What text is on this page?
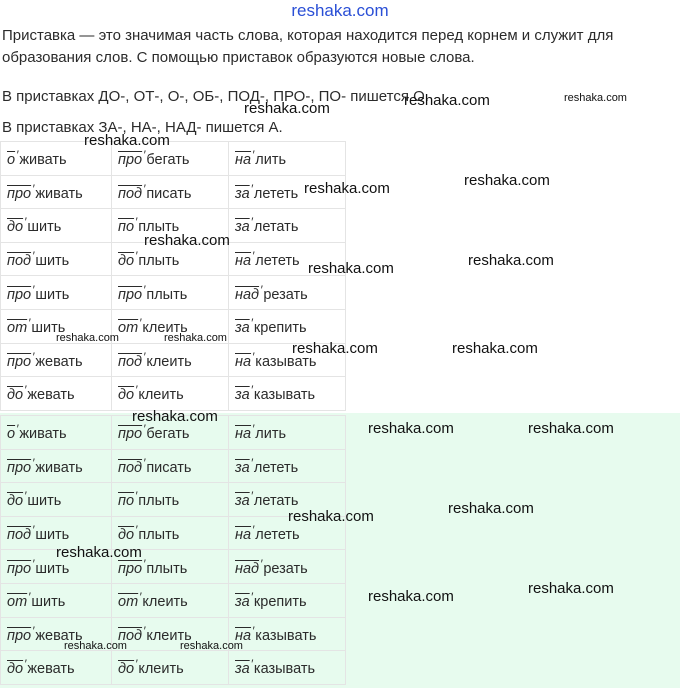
reshaka.com
Приставка — это значимая часть слова, которая находится перед корнем и служит для
образования слов. С помощью приставок образуются новые слова.
В приставках ДО-, ОТ-, О-, ОБ-, ПОД-, ПРО-, ПО- пишется О.
В приставках ЗА-, НА-, НАД- пишется А.
о′живать	про′бегать	на′лить
про′живать	под′писать	за′лететь
до′шить	по′плыть	за′летать
под′шить	до′плыть	на′лететь
про′шить	про′плыть	над′резать
от′шить	от′клеить	за′крепить
про′жевать	под′клеить	на′казывать
до′жевать	до′клеить	за′казывать
о′живать	про′бегать	на′лить
про′живать	под′писать	за′лететь
до′шить	по′плыть	за′летать
под′шить	до′плыть	на′лететь
про′шить	про′плыть	над′резать
от′шить	от′клеить	за′крепить
про′жевать	под′клеить	на′казывать
до′жевать	до′клеить	за′казывать
reshaka.com	reshaka.com	reshaka.com
reshaka.com
reshaka.com	reshaka.com
reshaka.com
reshaka.com	reshaka.com
reshaka.com	reshaka.com
reshaka.com	reshaka.com
reshaka.com
reshaka.com	reshaka.com
reshaka.com
reshaka.com
reshaka.com
reshaka.com	reshaka.com
reshaka.com	reshaka.com
